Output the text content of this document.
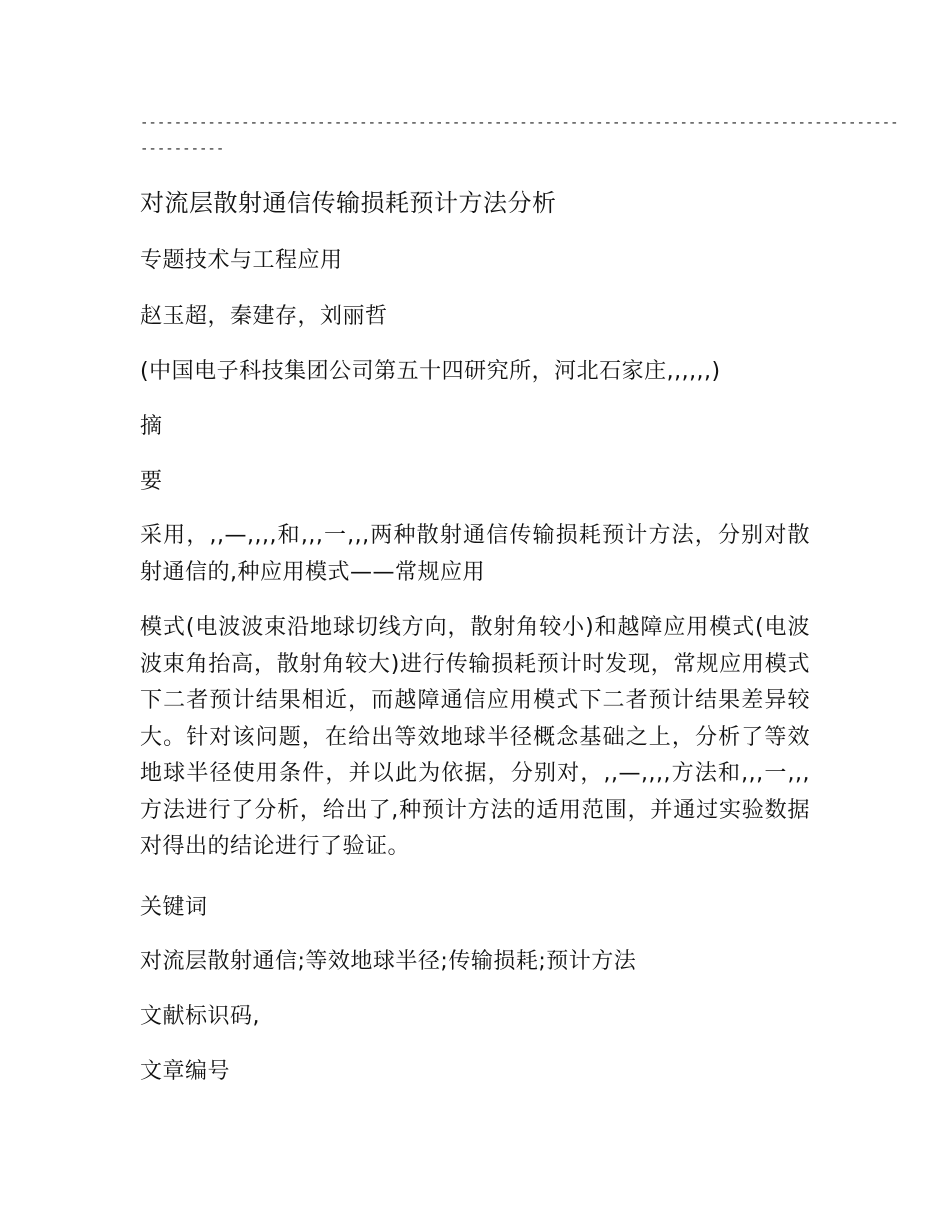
------------------------------------------------------------------------------------------
----------
对流层散射通信传输损耗预计方法分析
专题技术与工程应用
赵玉超，秦建存，刘丽哲
(中国电子科技集团公司第五十四研究所，河北石家庄,,,,,,)
摘
要

采用，,,—,,,,和,,,一,,,两种散射通信传输损耗预计方法，分别对散射通信的,种应用模式——常规应用

模式(电波波束沿地球切线方向，散射角较小)和越障应用模式(电波波束角抬高，散射角较大)进行传输损耗预计时发现，常规应用模式下二者预计结果相近，而越障通信应用模式下二者预计结果差异较大。针对该问题，在给出等效地球半径概念基础之上，分析了等效地球半径使用条件，并以此为依据，分别对，,,—,,,,方法和,,,一,,,方法进行了分析，给出了,种预计方法的适用范围，并通过实验数据对得出的结论进行了验证。

关键词
对流层散射通信;等效地球半径;传输损耗;预计方法
文献标识码,
文章编号
